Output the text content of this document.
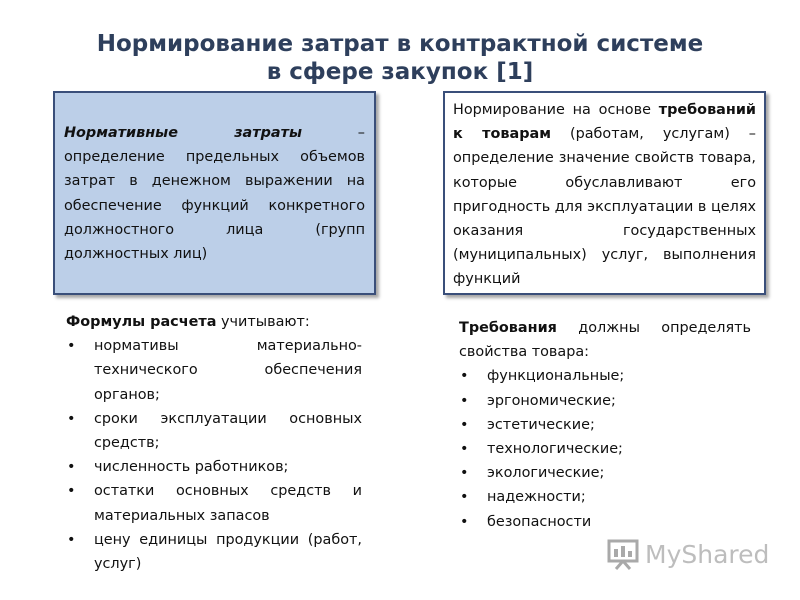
Нормирование затрат в контрактной системе
в сфере закупок [1]

Нормативные затраты – определение предельных объемов затрат в денежном выражении на обеспечение функций конкретного должностного лица (групп должностных лиц)

Нормирование на основе требований к товарам (работам, услугам) – определение значение свойств товара, которые обуславливают его пригодность для эксплуатации в целях оказания государственных (муниципальных) услуг, выполнения функций

Формулы расчета учитывают:

• нормативы материально-технического обеспечения органов;
• сроки эксплуатации основных средств;
• численность работников;
• остатки основных средств и материальных запасов
• цену единицы продукции (работ, услуг)

Требования должны определять свойства товара:

• функциональные;
• эргономические;
• эстетические;
• технологические;
• экологические;
• надежности;
• безопасности
MyShared
